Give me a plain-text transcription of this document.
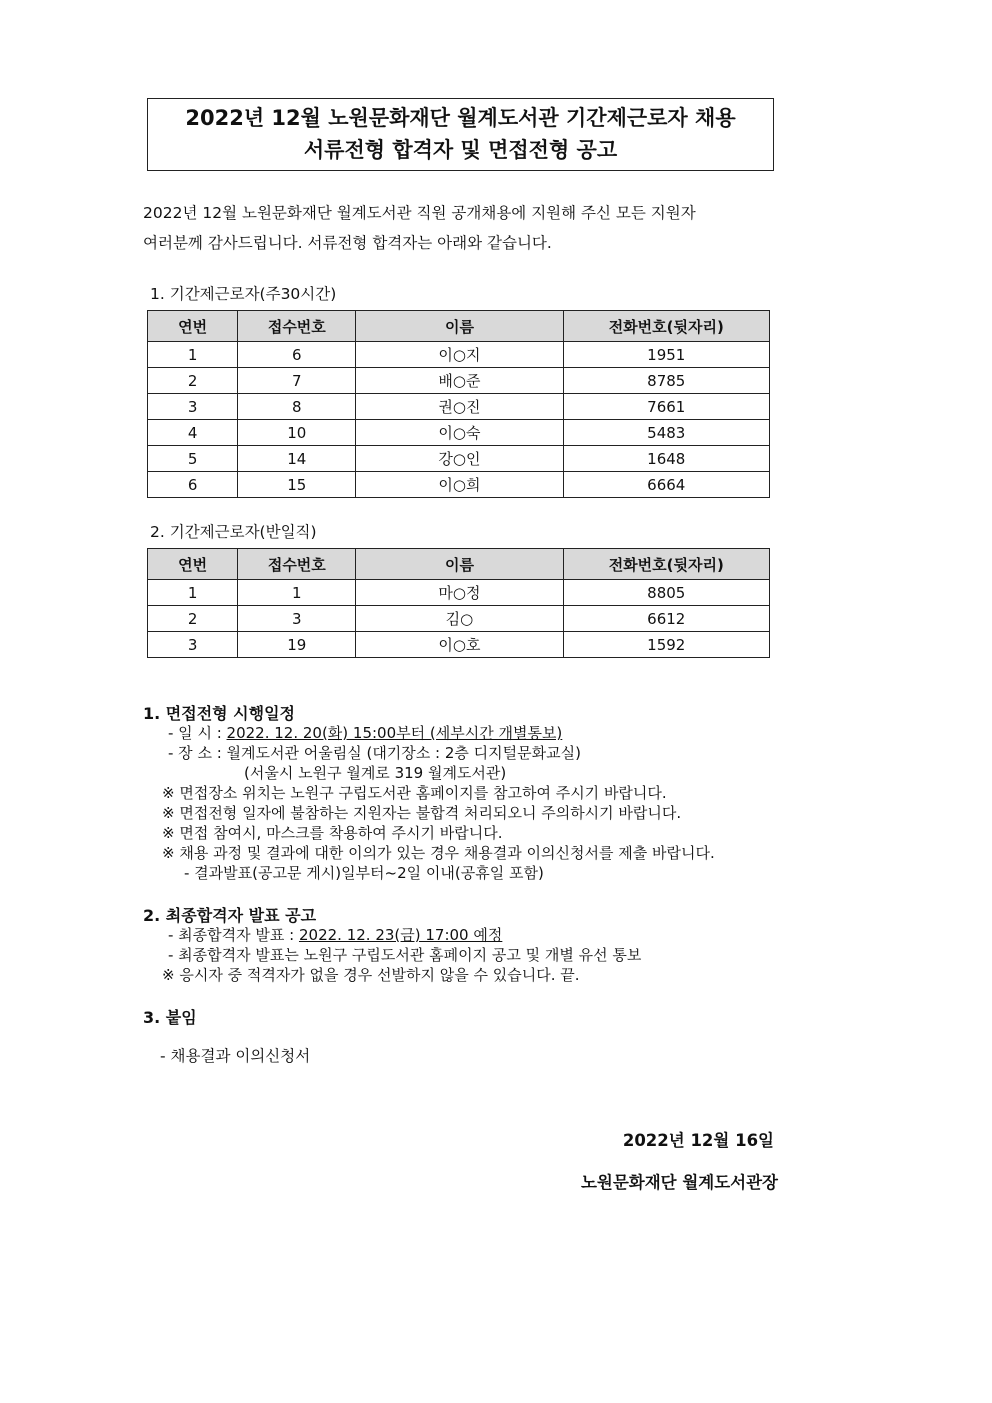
2022년 12월 노원문화재단 월계도서관 기간제근로자 채용
서류전형 합격자 및 면접전형 공고
2022년 12월 노원문화재단 월계도서관 직원 공개채용에 지원해 주신 모든 지원자
여러분께 감사드립니다. 서류전형 합격자는 아래와 같습니다.
1. 기간제근로자(주30시간)
연번	접수번호	이름	전화번호(뒷자리)
1	6	이○지	1951
2	7	배○준	8785
3	8	권○진	7661
4	10	이○숙	5483
5	14	강○인	1648
6	15	이○희	6664
2. 기간제근로자(반일직)
연번	접수번호	이름	전화번호(뒷자리)
1	1	마○정	8805
2	3	김○	6612
3	19	이○호	1592
1. 면접전형 시행일정
- 일 시 : 2022. 12. 20(화) 15:00부터 (세부시간 개별통보)
- 장 소 : 월계도서관 어울림실 (대기장소 : 2층 디지털문화교실)
(서울시 노원구 월계로 319 월계도서관)
※ 면접장소 위치는 노원구 구립도서관 홈페이지를 참고하여 주시기 바랍니다.
※ 면접전형 일자에 불참하는 지원자는 불합격 처리되오니 주의하시기 바랍니다.
※ 면접 참여시, 마스크를 착용하여 주시기 바랍니다.
※ 채용 과정 및 결과에 대한 이의가 있는 경우 채용결과 이의신청서를 제출 바랍니다.
- 결과발표(공고문 게시)일부터~2일 이내(공휴일 포함)
2. 최종합격자 발표 공고
- 최종합격자 발표 : 2022. 12. 23(금) 17:00 예정
- 최종합격자 발표는 노원구 구립도서관 홈페이지 공고 및 개별 유선 통보
※ 응시자 중 적격자가 없을 경우 선발하지 않을 수 있습니다. 끝.
3. 붙임
- 채용결과 이의신청서
2022년 12월 16일
노원문화재단 월계도서관장
